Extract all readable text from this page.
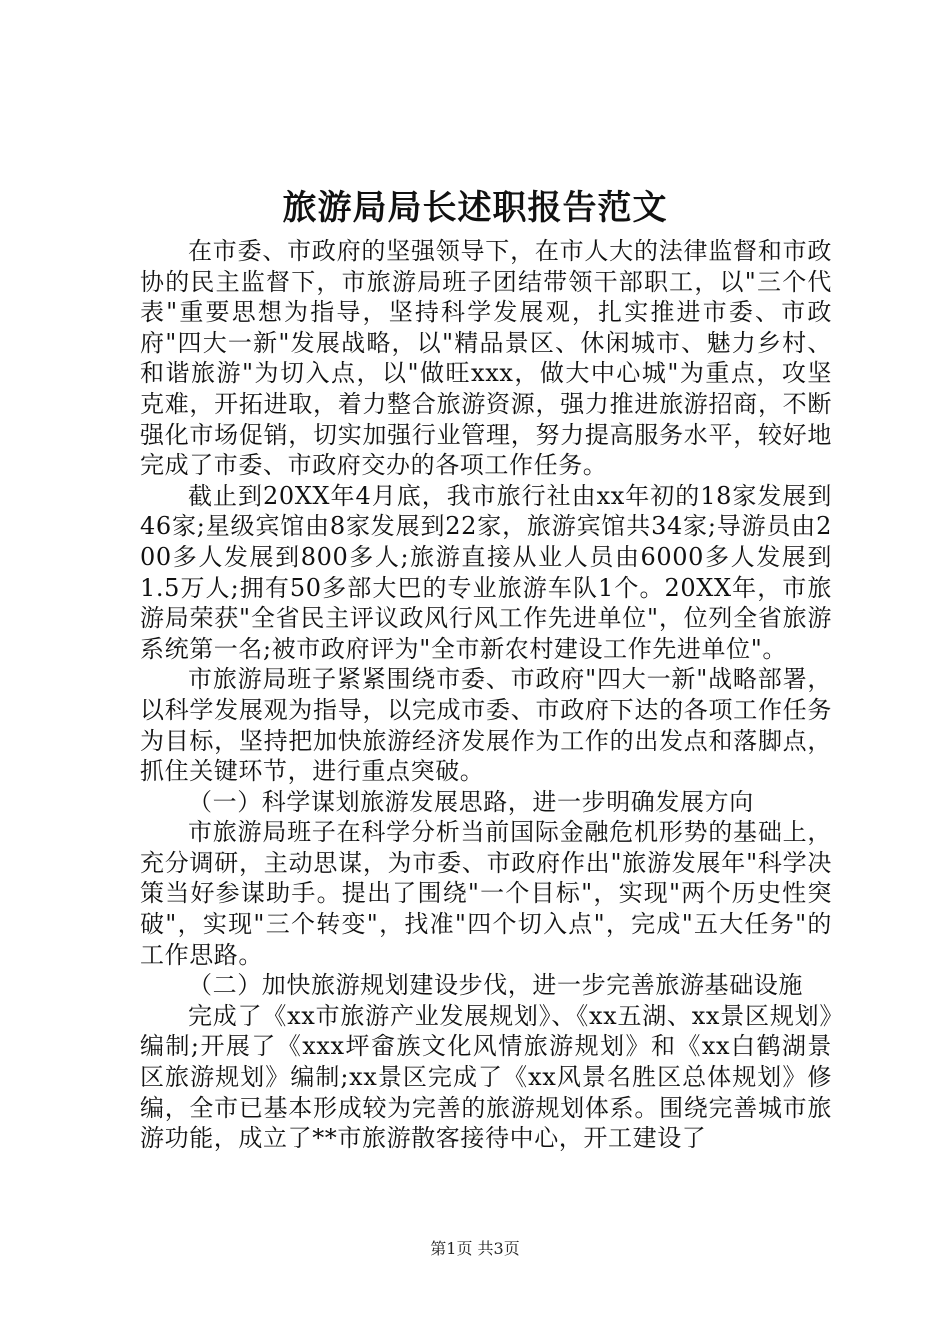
旅游局局长述职报告范文

在市委、市政府的坚强领导下，在市人大的法律监督和市政协的民主监督下，市旅游局班子团结带领干部职工，以"三个代表"重要思想为指导，坚持科学发展观，扎实推进市委、市政府"四大一新"发展战略，以"精品景区、休闲城市、魅力乡村、和谐旅游"为切入点，以"做旺xxx，做大中心城"为重点，攻坚克难，开拓进取，着力整合旅游资源，强力推进旅游招商，不断强化市场促销，切实加强行业管理，努力提高服务水平，较好地完成了市委、市政府交办的各项工作任务。

截止到20XX年4月底，我市旅行社由xx年初的18家发展到46家;星级宾馆由8家发展到22家，旅游宾馆共34家;导游员由200多人发展到800多人;旅游直接从业人员由6000多人发展到1.5万人;拥有50多部大巴的专业旅游车队1个。20XX年，市旅游局荣获"全省民主评议政风行风工作先进单位"，位列全省旅游系统第一名;被市政府评为"全市新农村建设工作先进单位"。

市旅游局班子紧紧围绕市委、市政府"四大一新"战略部署，以科学发展观为指导，以完成市委、市政府下达的各项工作任务为目标，坚持把加快旅游经济发展作为工作的出发点和落脚点，抓住关键环节，进行重点突破。

（一）科学谋划旅游发展思路，进一步明确发展方向

市旅游局班子在科学分析当前国际金融危机形势的基础上，充分调研，主动思谋，为市委、市政府作出"旅游发展年"科学决策当好参谋助手。提出了围绕"一个目标"，实现"两个历史性突破"，实现"三个转变"，找准"四个切入点"，完成"五大任务"的工作思路。

（二）加快旅游规划建设步伐，进一步完善旅游基础设施

完成了《xx市旅游产业发展规划》、《xx五湖、xx景区规划》编制;开展了《xxx坪畲族文化风情旅游规划》和《xx白鹤湖景区旅游规划》编制;xx景区完成了《xx风景名胜区总体规划》修编，全市已基本形成较为完善的旅游规划体系。围绕完善城市旅游功能，成立了**市旅游散客接待中心，开工建设了

第1页 共3页
